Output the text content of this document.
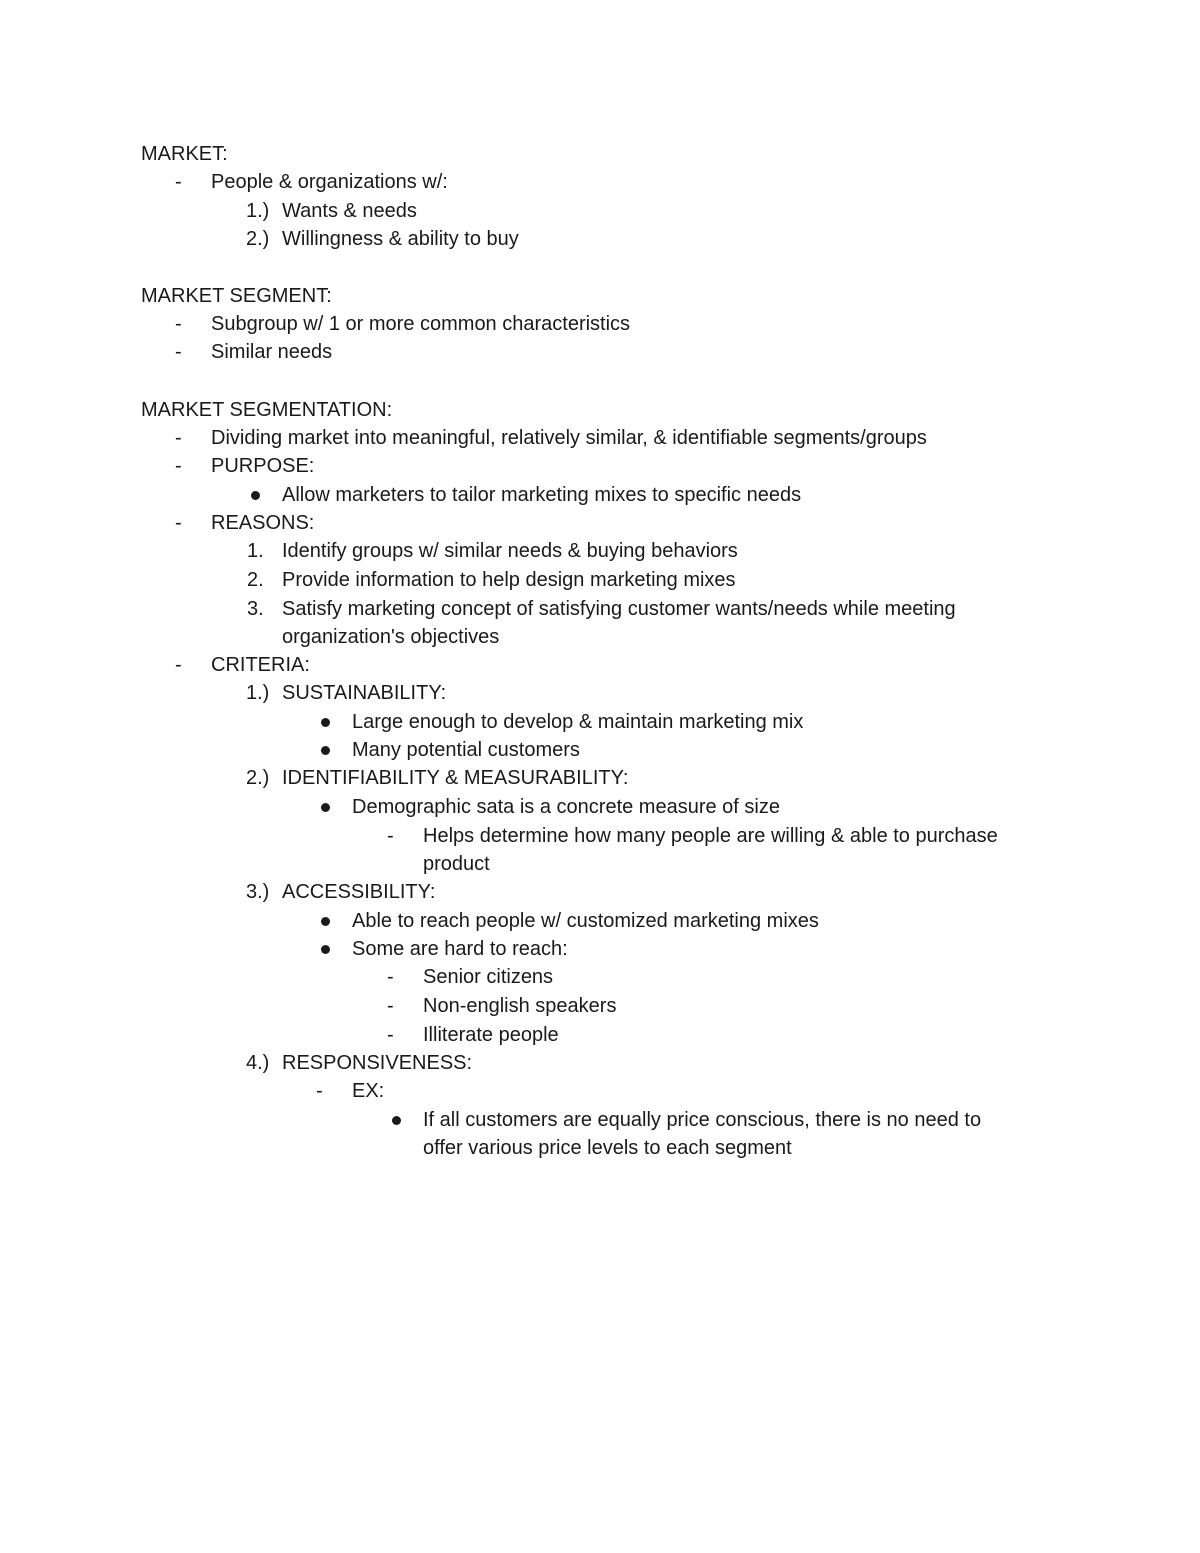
MARKET:
- People & organizations w/:
1.) Wants & needs
2.) Willingness & ability to buy
MARKET SEGMENT:
- Subgroup w/ 1 or more common characteristics
- Similar needs
MARKET SEGMENTATION:
- Dividing market into meaningful, relatively similar, & identifiable segments/groups
- PURPOSE:
Allow marketers to tailor marketing mixes to specific needs
- REASONS:
1. Identify groups w/ similar needs & buying behaviors
2. Provide information to help design marketing mixes
3. Satisfy marketing concept of satisfying customer wants/needs while meeting
organization's objectives
- CRITERIA:
1.) SUSTAINABILITY:
Large enough to develop & maintain marketing mix
Many potential customers
2.) IDENTIFIABILITY & MEASURABILITY:
Demographic sata is a concrete measure of size
- Helps determine how many people are willing & able to purchase
product
3.) ACCESSIBILITY:
Able to reach people w/ customized marketing mixes
Some are hard to reach:
- Senior citizens
- Non-english speakers
- Illiterate people
4.) RESPONSIVENESS:
- EX:
If all customers are equally price conscious, there is no need to
offer various price levels to each segment
